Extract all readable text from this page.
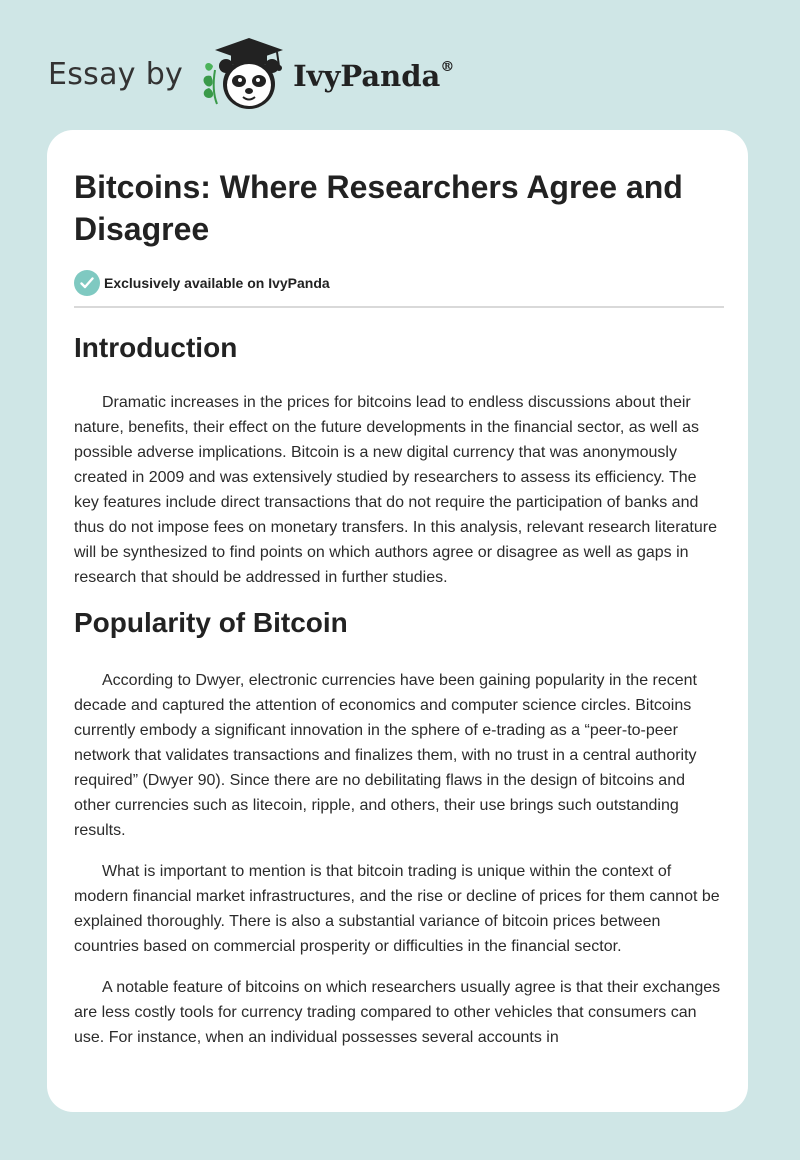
Essay by	IvyPanda®
Bitcoins: Where Researchers Agree and Disagree
Exclusively available on IvyPanda
Introduction

Dramatic increases in the prices for bitcoins lead to endless discussions about their nature, benefits, their effect on the future developments in the financial sector, as well as possible adverse implications. Bitcoin is a new digital currency that was anonymously created in 2009 and was extensively studied by researchers to assess its efficiency. The key features include direct transactions that do not require the participation of banks and thus do not impose fees on monetary transfers. In this analysis, relevant research literature will be synthesized to find points on which authors agree or disagree as well as gaps in research that should be addressed in further studies.

Popularity of Bitcoin

According to Dwyer, electronic currencies have been gaining popularity in the recent decade and captured the attention of economics and computer science circles. Bitcoins currently embody a significant innovation in the sphere of e-trading as a “peer-to-peer network that validates transactions and finalizes them, with no trust in a central authority required” (Dwyer 90). Since there are no debilitating flaws in the design of bitcoins and other currencies such as litecoin, ripple, and others, their use brings such outstanding results.

What is important to mention is that bitcoin trading is unique within the context of modern financial market infrastructures, and the rise or decline of prices for them cannot be explained thoroughly. There is also a substantial variance of bitcoin prices between countries based on commercial prosperity or difficulties in the financial sector.

A notable feature of bitcoins on which researchers usually agree is that their exchanges are less costly tools for currency trading compared to other vehicles that consumers can use. For instance, when an individual possesses several accounts in
